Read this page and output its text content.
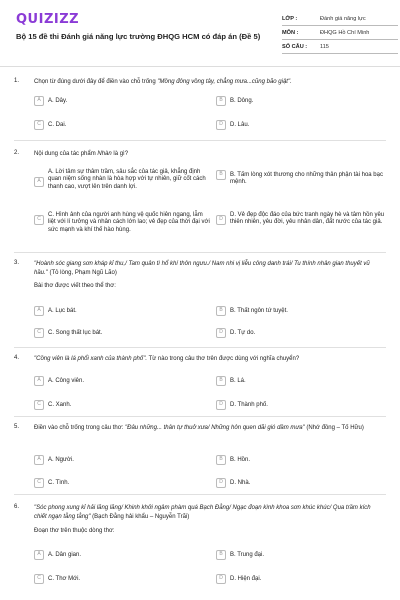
QUIZIZZ
Bộ 15 đề thi Đánh giá năng lực trường ĐHQG HCM có đáp án (Đề 5)
LỚP :	Đánh giá năng lực
MÔN :	ĐHQG Hồ Chí Minh
SỐ CÂU :	115
1. Chọn từ đúng dưới đây để điền vào chỗ trống "Mồng đông vồng tây, chẳng mưa...cũng bão giật".
A	A. Dây.	B	B. Dông.
C	C. Dai.	D	D. Lâu.
2. Nội dung của tác phẩm Nhàn là gì?
A
A. Lời tâm sự thâm trầm, sâu sắc của tác giả, khẳng định quan niệm sống nhàn là hòa hợp với tự nhiên, giữ cốt cách thanh cao, vượt lên trên danh lợi.
B	B. Tấm lòng xót thương cho những thân phận tài hoa bạc mệnh.
C
C. Hình ảnh của người anh hùng vệ quốc hiên ngang, lẫm liệt với lí tưởng và nhân cách lớn lao; vẻ đẹp của thời đại với sức mạnh và khí thế hào hùng.
D
D. Vẻ đẹp độc đáo của bức tranh ngày hè và tâm hồn yêu thiên nhiên, yêu đời, yêu nhân dân, đất nước của tác giả.
3. "Hoành sóc giang sơn kháp kỉ thu,/ Tam quân tì hổ khí thôn ngưu./ Nam nhi vị liễu công danh trái/ Tu thính nhân gian thuyết vũ hầu." (Tỏ lòng, Phạm Ngũ Lão)
Bài thơ được viết theo thể thơ:
A	A. Lục bát.	B	B. Thất ngôn tứ tuyệt.
C	C. Song thất lục bát.	D	D. Tự do.
4. "Cồng viên là lá phổi xanh của thành phố". Từ nào trong câu thơ trên được dùng với nghĩa chuyển?
A	A. Công viên.	B	B. Lá.
C	C. Xanh.	D	D. Thành phố.
5. Điền vào chỗ trống trong câu thơ: "Đâu những... thân tự thuở xưa/ Những hôn quen dãi gió dầm mưa" (Nhớ đồng – Tố Hữu)
A	A. Người.	B	B. Hồn.
C	C. Tình.	D	D. Nhà.
6. "Sóc phong xung kỉ hải lăng lăng/ Khinh khởi ngâm phàm quá Bạch Đằng/ Ngạc đoạn kình khoa sơn khúc khúc/ Qua trầm kích chiết ngạn tằng tằng" (Bạch Đằng hải khẩu – Nguyễn Trãi)
Đoạn thơ trên thuộc dòng thơ:
A	A. Dân gian.	B	B. Trung đại.
C	C. Thơ Mới.	D	D. Hiện đại.
